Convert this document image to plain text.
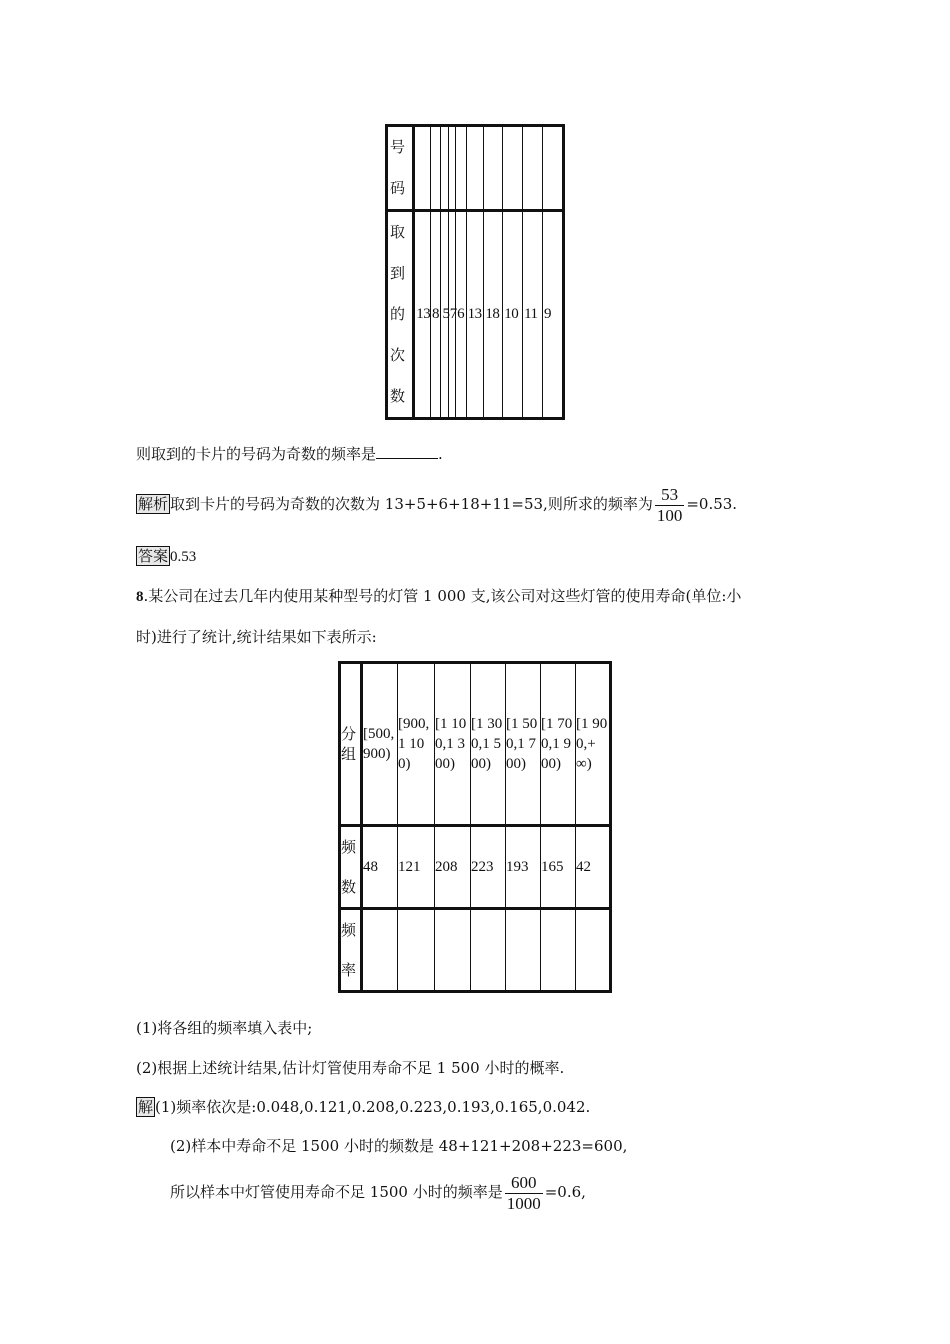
号码										
取到的次数	13	8	5	7	6	13	18	10	11	9
则取到的卡片的号码为奇数的频率是	.
解析 取到卡片的号码为奇数的次数为 13+5+6+18+11=53,则所求的频率为 $\frac{53}{100} =0.53$.
答案 0.53
8.某公司在过去几年内使用某种型号的灯管 1 000 支,该公司对这些灯管的使用寿命(单位:小
时)进行了统计,统计结果如下表所示:
分组	[500,900)	[900,1 100)	[1 100,1 300)	[1 300,1 500)	[1 500,1 700)	[1 700,1 900)	[1 900,+∞)
频数	48	121	208	223	193	165	42
频率							
(1)将各组的频率填入表中;
(2)根据上述统计结果,估计灯管使用寿命不足 1 500 小时的概率.
解 (1)频率依次是:0.048,0.121,0.208,0.223,0.193,0.165,0.042.
(2)样本中寿命不足 1500 小时的频数是 48+121+208+223=600,
所以样本中灯管使用寿命不足 1500 小时的频率是 $\frac{600}{1000} =0.6$,
